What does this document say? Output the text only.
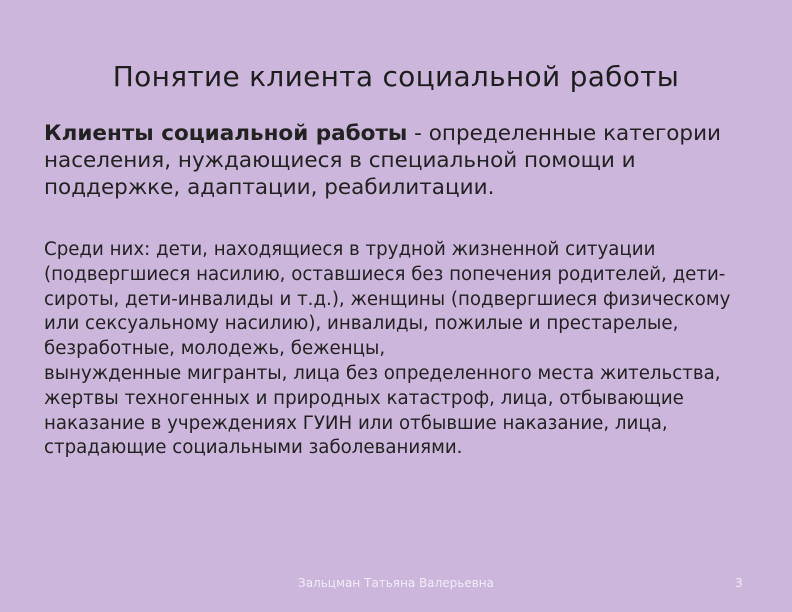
Понятие клиента социальной работы
Клиенты социальной работы - определенные категории населения, нуждающиеся в специальной помощи и поддержке, адаптации, реабилитации.

Среди них: дети, находящиеся в трудной жизненной ситуации (подвергшиеся насилию, оставшиеся без попечения родителей, дети-сироты, дети-инвалиды и т.д.), женщины (подвергшиеся физическому или сексуальному насилию), инвалиды, пожилые и престарелые, безработные, молодежь, беженцы,

вынужденные мигранты, лица без определенного места жительства, жертвы техногенных и природных катастроф, лица, отбывающие наказание в учреждениях ГУИН или отбывшие наказание, лица, страдающие социальными заболеваниями.

Зальцман Татьяна Валерьевна	3
